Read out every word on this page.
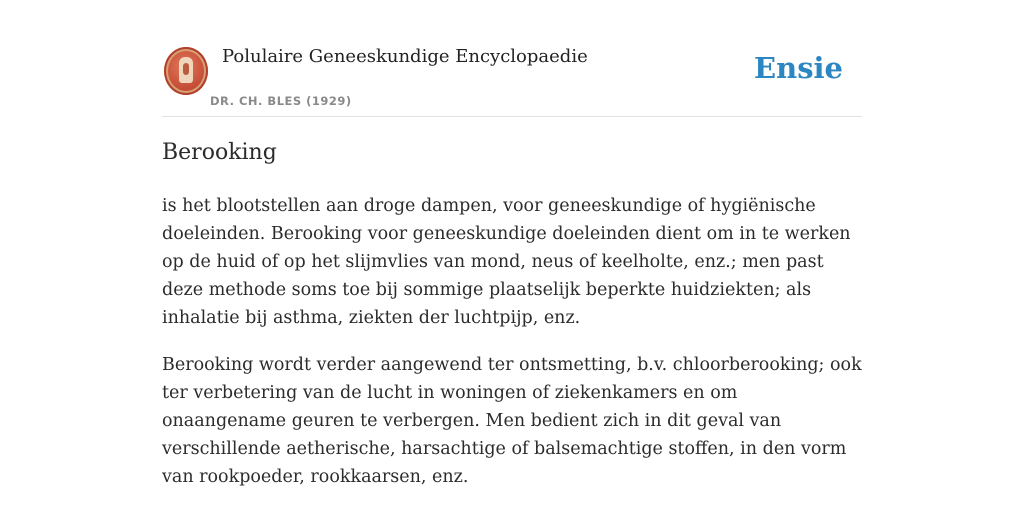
Polulaire Geneeskundige Encyclopaedie
DR. CH. BLES (1929)
Ensie
Berooking

is het blootstellen aan droge dampen, voor geneeskundige of hygiënische doeleinden. Berooking voor geneeskundige doeleinden dient om in te werken op de huid of op het slijmvlies van mond, neus of keelholte, enz.; men past deze methode soms toe bij sommige plaatselijk beperkte huidziekten; als inhalatie bij asthma, ziekten der luchtpijp, enz.

Berooking wordt verder aangewend ter ontsmetting, b.v. chloorberooking; ook ter verbetering van de lucht in woningen of ziekenkamers en om onaangename geuren te verbergen. Men bedient zich in dit geval van verschillende aetherische, harsachtige of balsemachtige stoffen, in den vorm van rookpoeder, rookkaarsen, enz.
